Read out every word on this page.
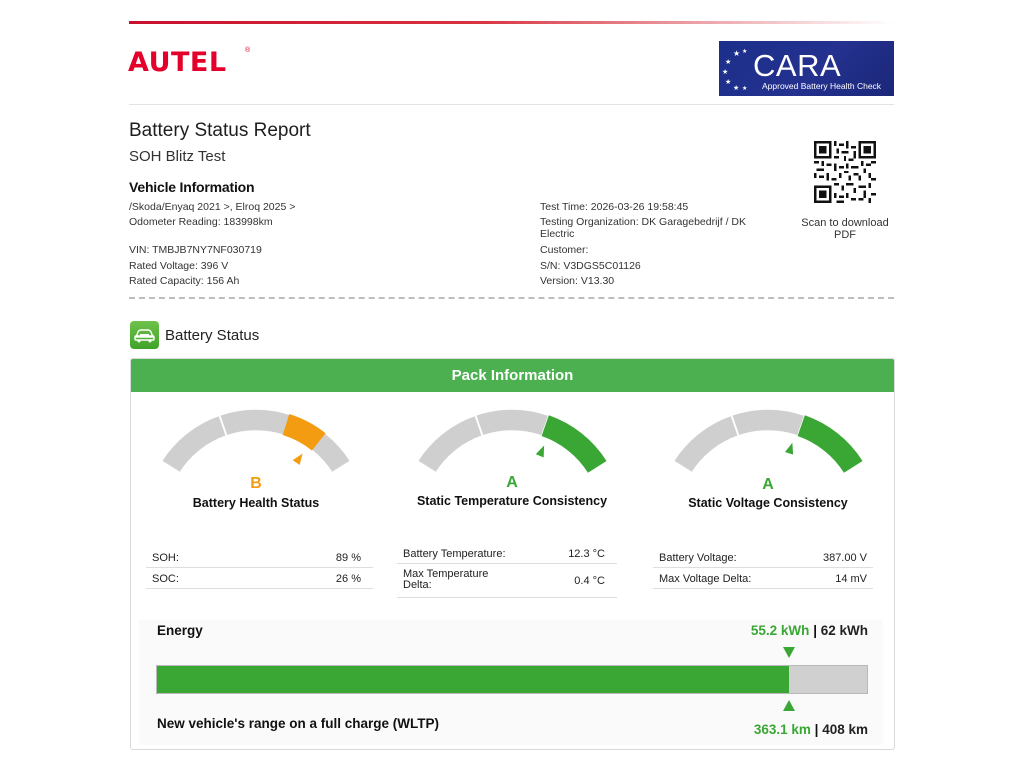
AUTEL	®	★
★
★
★
★ ★
★ CARA
Approved Battery Health Check
Battery Status Report
SOH Blitz Test
Vehicle Information
/Skoda/Enyaq 2021 >, Elroq 2025 >
Odometer Reading: 183998km
VIN: TMBJB7NY7NF030719
Rated Voltage: 396 V
Rated Capacity: 156 Ah
Test Time: 2026-03-26 19:58:45
Testing Organization: DK Garagebedrijf / DK Electric
Customer:
S/N: V3DGS5C01126
Version: V13.30
Scan to download PDF
Battery Status
Pack Information
B
Battery Health Status
A
Static Temperature Consistency
A
Static Voltage Consistency
SOH:	89 %
SOC:	26 %
Battery Temperature:	12.3 °C
Max Temperature Delta:	0.4 °C
Battery Voltage:	387.00 V
Max Voltage Delta:	14 mV
Energy	55.2 kWh | 62 kWh
New vehicle's range on a full charge (WLTP)	363.1 km | 408 km
